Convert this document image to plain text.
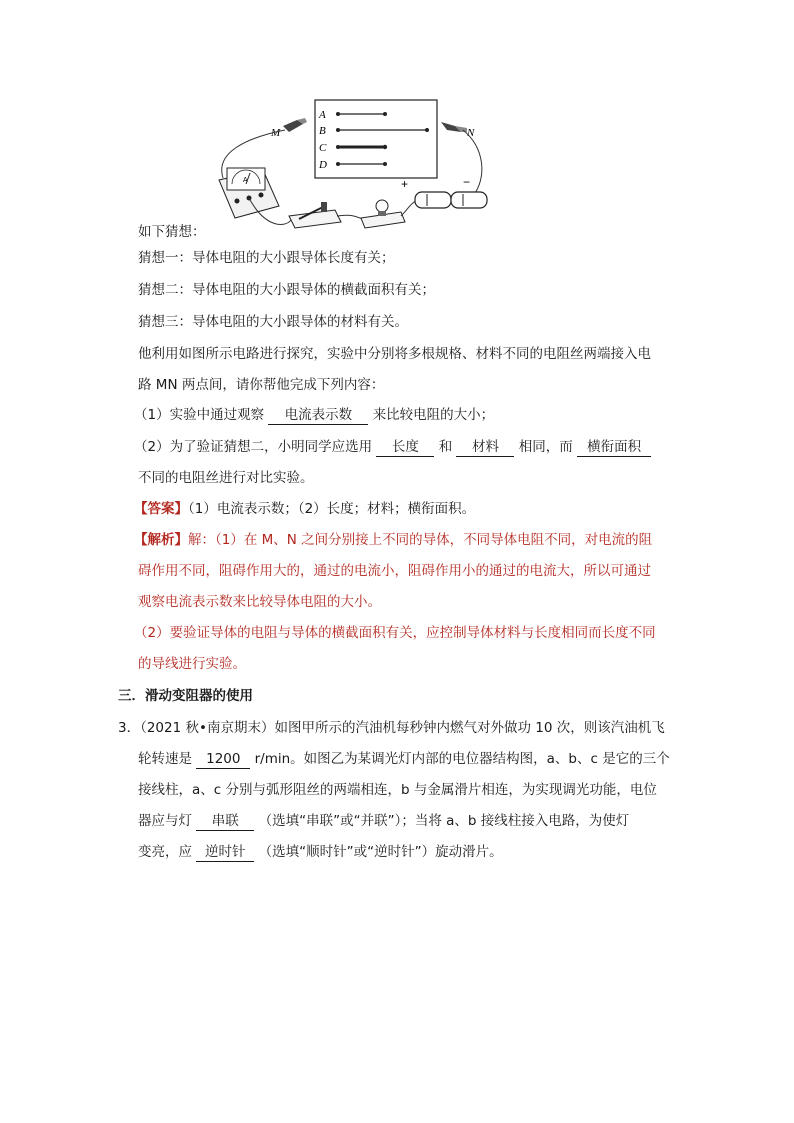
A
B
C
D
M	N
A	+	−
如下猜想：
猜想一：导体电阻的大小跟导体长度有关；
猜想二：导体电阻的大小跟导体的横截面积有关；
猜想三：导体电阻的大小跟导体的材料有关。
他利用如图所示电路进行探究，实验中分别将多根规格、材料不同的电阻丝两端接入电
路 MN 两点间，请你帮他完成下列内容：
（1）实验中通过观察 电流表示数 来比较电阻的大小；
（2）为了验证猜想二，小明同学应选用 长度 和 材料 相同，而 横衔面积
不同的电阻丝进行对比实验。
【答案】（1）电流表示数；（2）长度；材料；横衔面积。
【解析】解：（1）在 M、N 之间分别接上不同的导体，不同导体电阻不同，对电流的阻
碍作用不同，阻碍作用大的，通过的电流小，阻碍作用小的通过的电流大，所以可通过
观察电流表示数来比较导体电阻的大小。
（2）要验证导体的电阻与导体的横截面积有关，应控制导体材料与长度相同而长度不同
的导线进行实验。
三．滑动变阻器的使用
3．（2021 秋•南京期末）如图甲所示的汽油机每秒钟内燃气对外做功 10 次，则该汽油机飞
轮转速是 1200 r/min。如图乙为某调光灯内部的电位器结构图，a、b、c 是它的三个
接线柱，a、c 分别与弧形阻丝的两端相连，b 与金属滑片相连，为实现调光功能，电位
器应与灯 串联 （选填“串联”或“并联”）；当将 a、b 接线柱接入电路，为使灯
变亮，应 逆时针 （选填“顺时针”或“逆时针”）旋动滑片。
